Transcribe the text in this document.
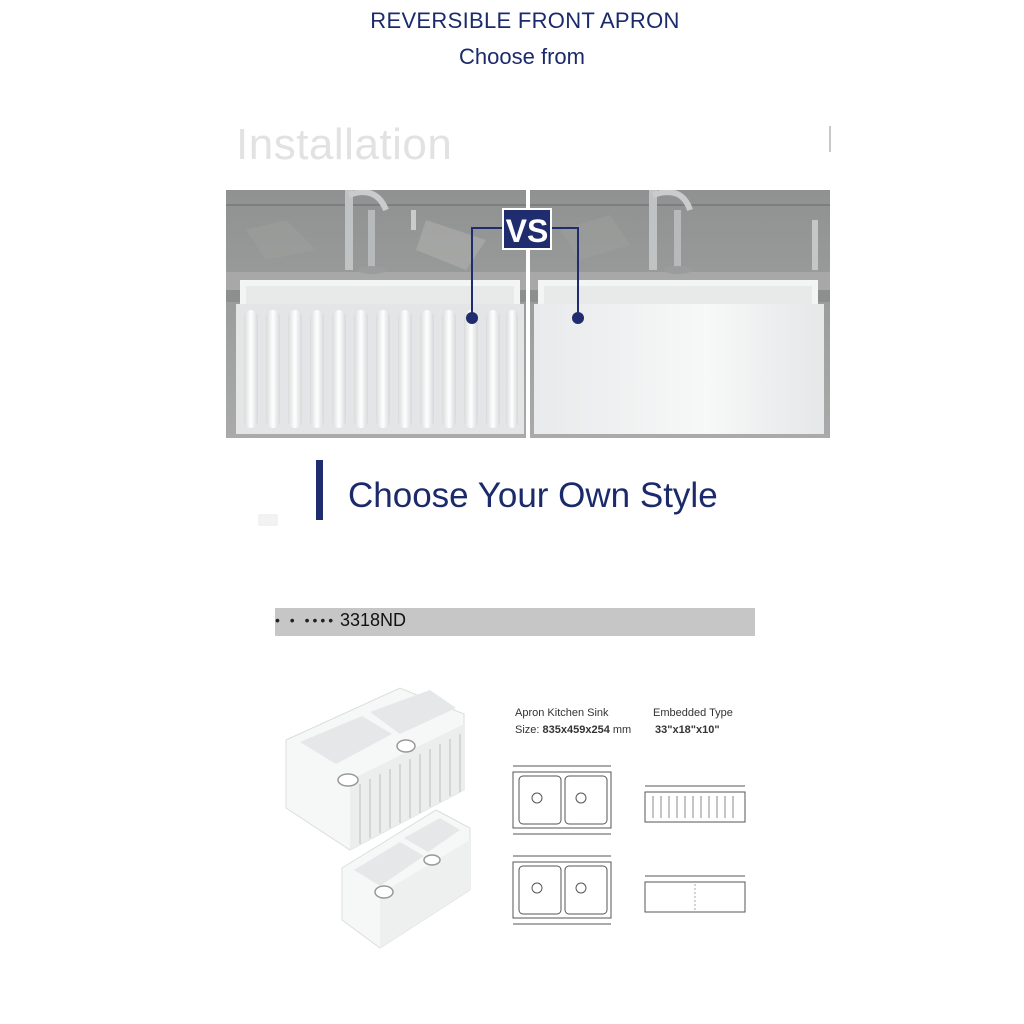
REVERSIBLE FRONT APRON
Choose from
Installation
VS
Choose Your Own Style
• • •••• 3318ND
Apron Kitchen Sink	Embedded Type
Size: 835x459x254 mm 33"x18"x10"
